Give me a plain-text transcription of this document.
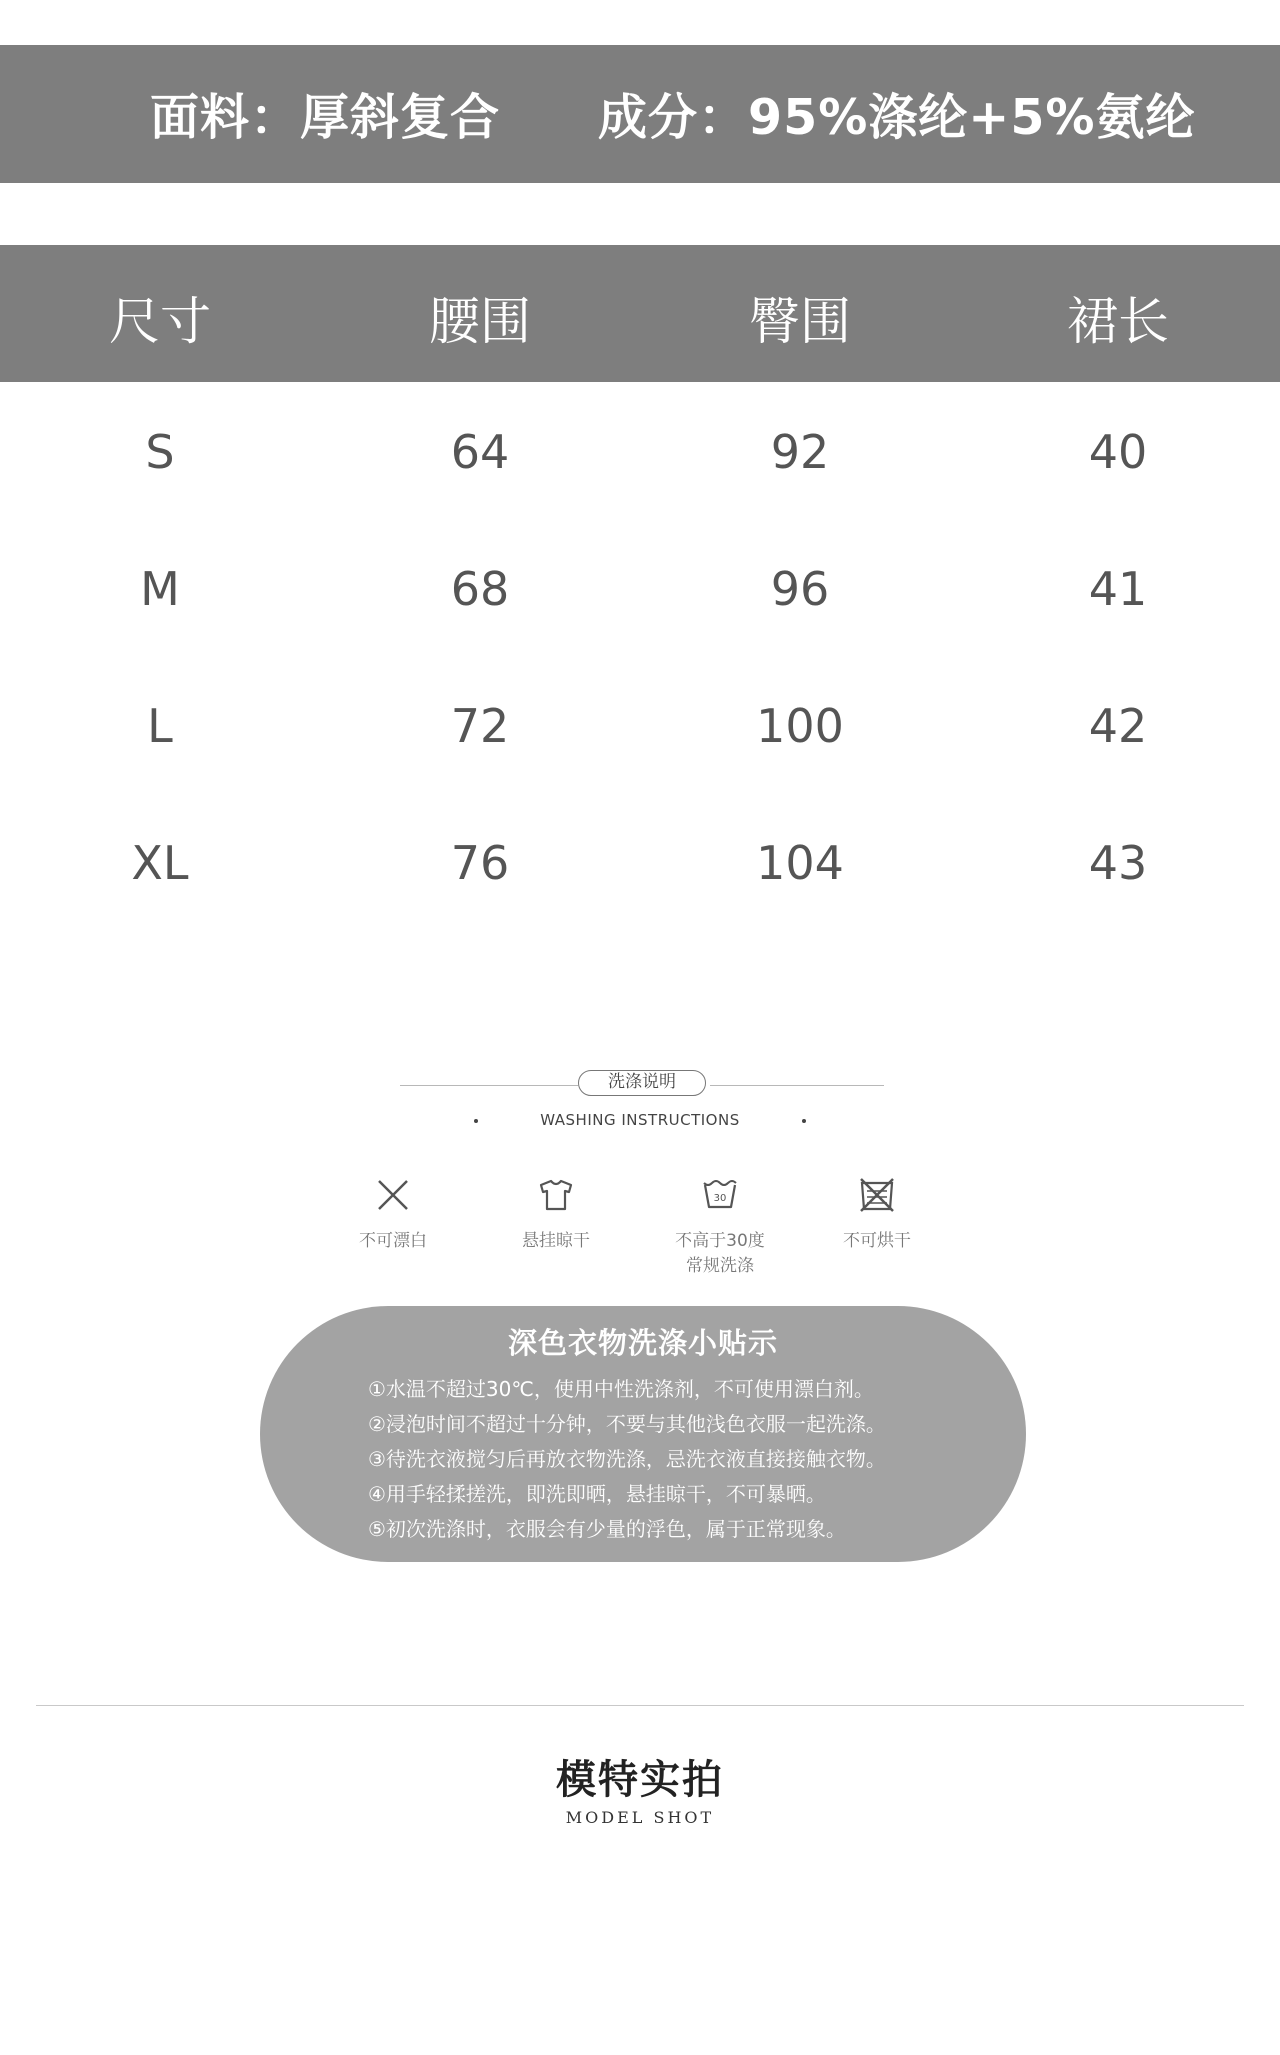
面料：厚斜复合 成分：95%涤纶+5%氨纶
尺寸	腰围	臀围	裙长
S	64	92	40
M	68	96	41
L	72	100	42
XL	76	104	43
洗涤说明
WASHING INSTRUCTIONS
不可漂白	悬挂晾干
30
不高于30度
常规洗涤
不可烘干
深色衣物洗涤小贴示
①水温不超过30℃，使用中性洗涤剂，不可使用漂白剂。
②浸泡时间不超过十分钟，不要与其他浅色衣服一起洗涤。
③待洗衣液搅匀后再放衣物洗涤，忌洗衣液直接接触衣物。
④用手轻揉搓洗，即洗即晒，悬挂晾干，不可暴晒。
⑤初次洗涤时，衣服会有少量的浮色，属于正常现象。
模特实拍
MODEL SHOT
